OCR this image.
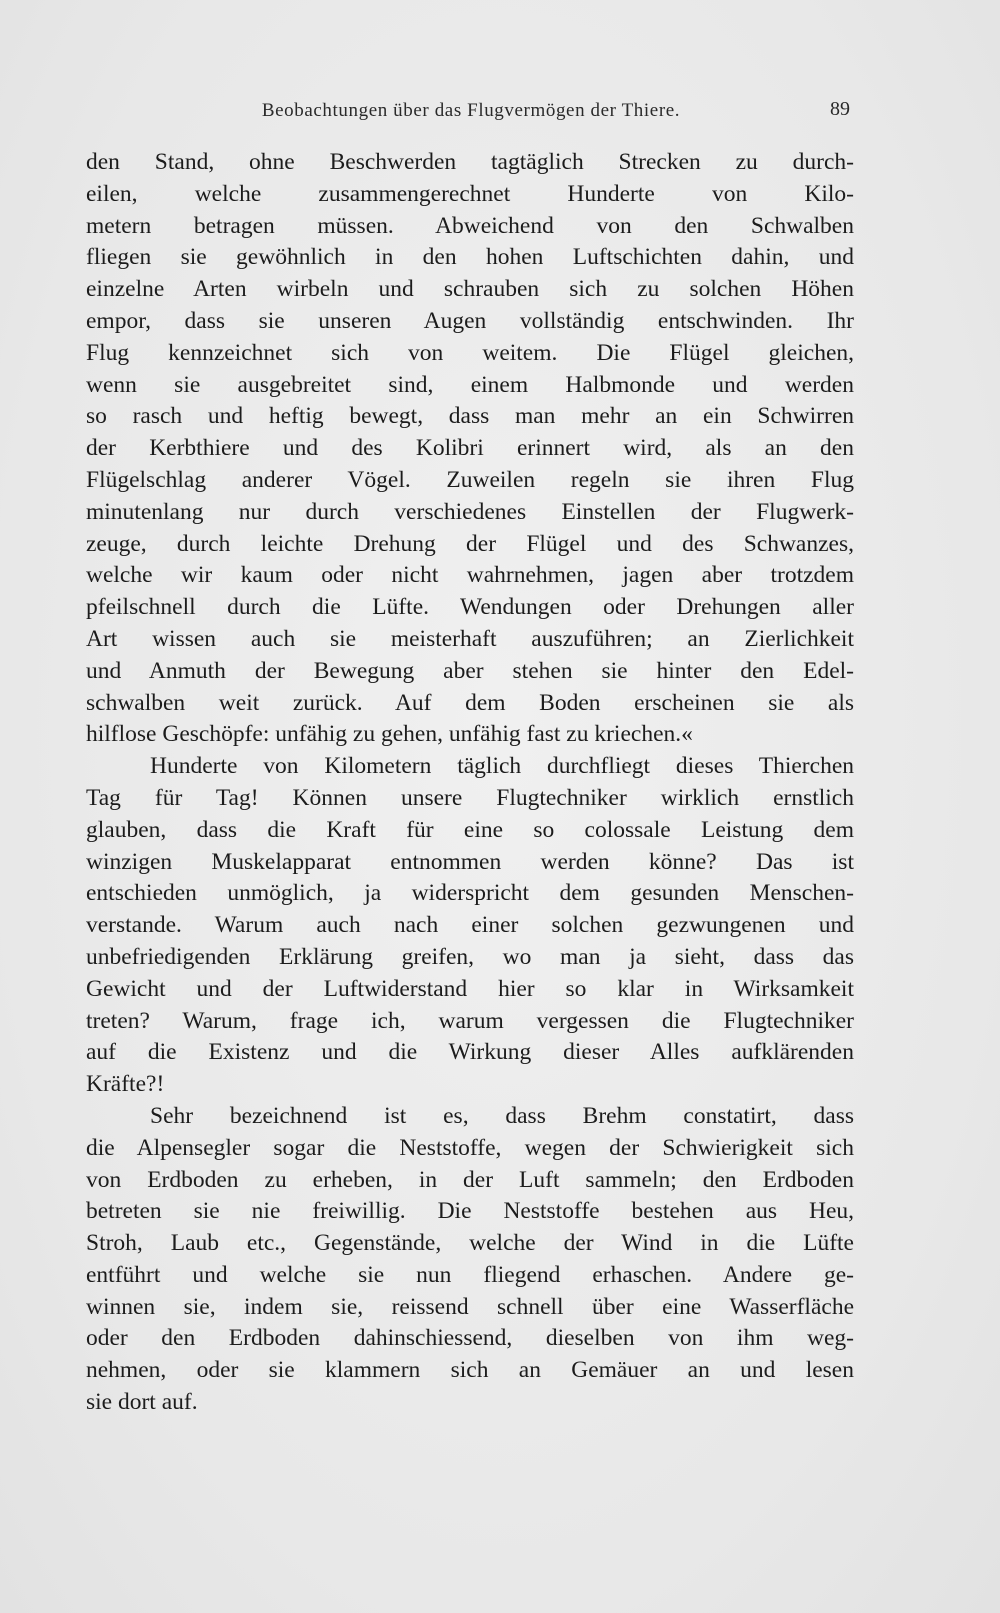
Beobachtungen über das Flugvermögen der Thiere.	89
den Stand, ohne Beschwerden tagtäglich Strecken zu durch-
eilen, welche zusammengerechnet Hunderte von Kilo-
metern betragen müssen. Abweichend von den Schwalben
fliegen sie gewöhnlich in den hohen Luftschichten dahin, und
einzelne Arten wirbeln und schrauben sich zu solchen Höhen
empor, dass sie unseren Augen vollständig entschwinden. Ihr
Flug kennzeichnet sich von weitem. Die Flügel gleichen,
wenn sie ausgebreitet sind, einem Halbmonde und werden
so rasch und heftig bewegt, dass man mehr an ein Schwirren
der Kerbthiere und des Kolibri erinnert wird, als an den
Flügelschlag anderer Vögel. Zuweilen regeln sie ihren Flug
minutenlang nur durch verschiedenes Einstellen der Flugwerk-
zeuge, durch leichte Drehung der Flügel und des Schwanzes,
welche wir kaum oder nicht wahrnehmen, jagen aber trotzdem
pfeilschnell durch die Lüfte. Wendungen oder Drehungen aller
Art wissen auch sie meisterhaft auszuführen; an Zierlichkeit
und Anmuth der Bewegung aber stehen sie hinter den Edel-
schwalben weit zurück. Auf dem Boden erscheinen sie als
hilflose Geschöpfe: unfähig zu gehen, unfähig fast zu kriechen.«
Hunderte von Kilometern täglich durchfliegt dieses Thierchen
Tag für Tag! Können unsere Flugtechniker wirklich ernstlich
glauben, dass die Kraft für eine so colossale Leistung dem
winzigen Muskelapparat entnommen werden könne? Das ist
entschieden unmöglich, ja widerspricht dem gesunden Menschen-
verstande. Warum auch nach einer solchen gezwungenen und
unbefriedigenden Erklärung greifen, wo man ja sieht, dass das
Gewicht und der Luftwiderstand hier so klar in Wirksamkeit
treten? Warum, frage ich, warum vergessen die Flugtechniker
auf die Existenz und die Wirkung dieser Alles aufklärenden
Kräfte?!
Sehr bezeichnend ist es, dass Brehm constatirt, dass
die Alpensegler sogar die Neststoffe, wegen der Schwierigkeit sich
von Erdboden zu erheben, in der Luft sammeln; den Erdboden
betreten sie nie freiwillig. Die Neststoffe bestehen aus Heu,
Stroh, Laub etc., Gegenstände, welche der Wind in die Lüfte
entführt und welche sie nun fliegend erhaschen. Andere ge-
winnen sie, indem sie, reissend schnell über eine Wasserfläche
oder den Erdboden dahinschiessend, dieselben von ihm weg-
nehmen, oder sie klammern sich an Gemäuer an und lesen
sie dort auf.
